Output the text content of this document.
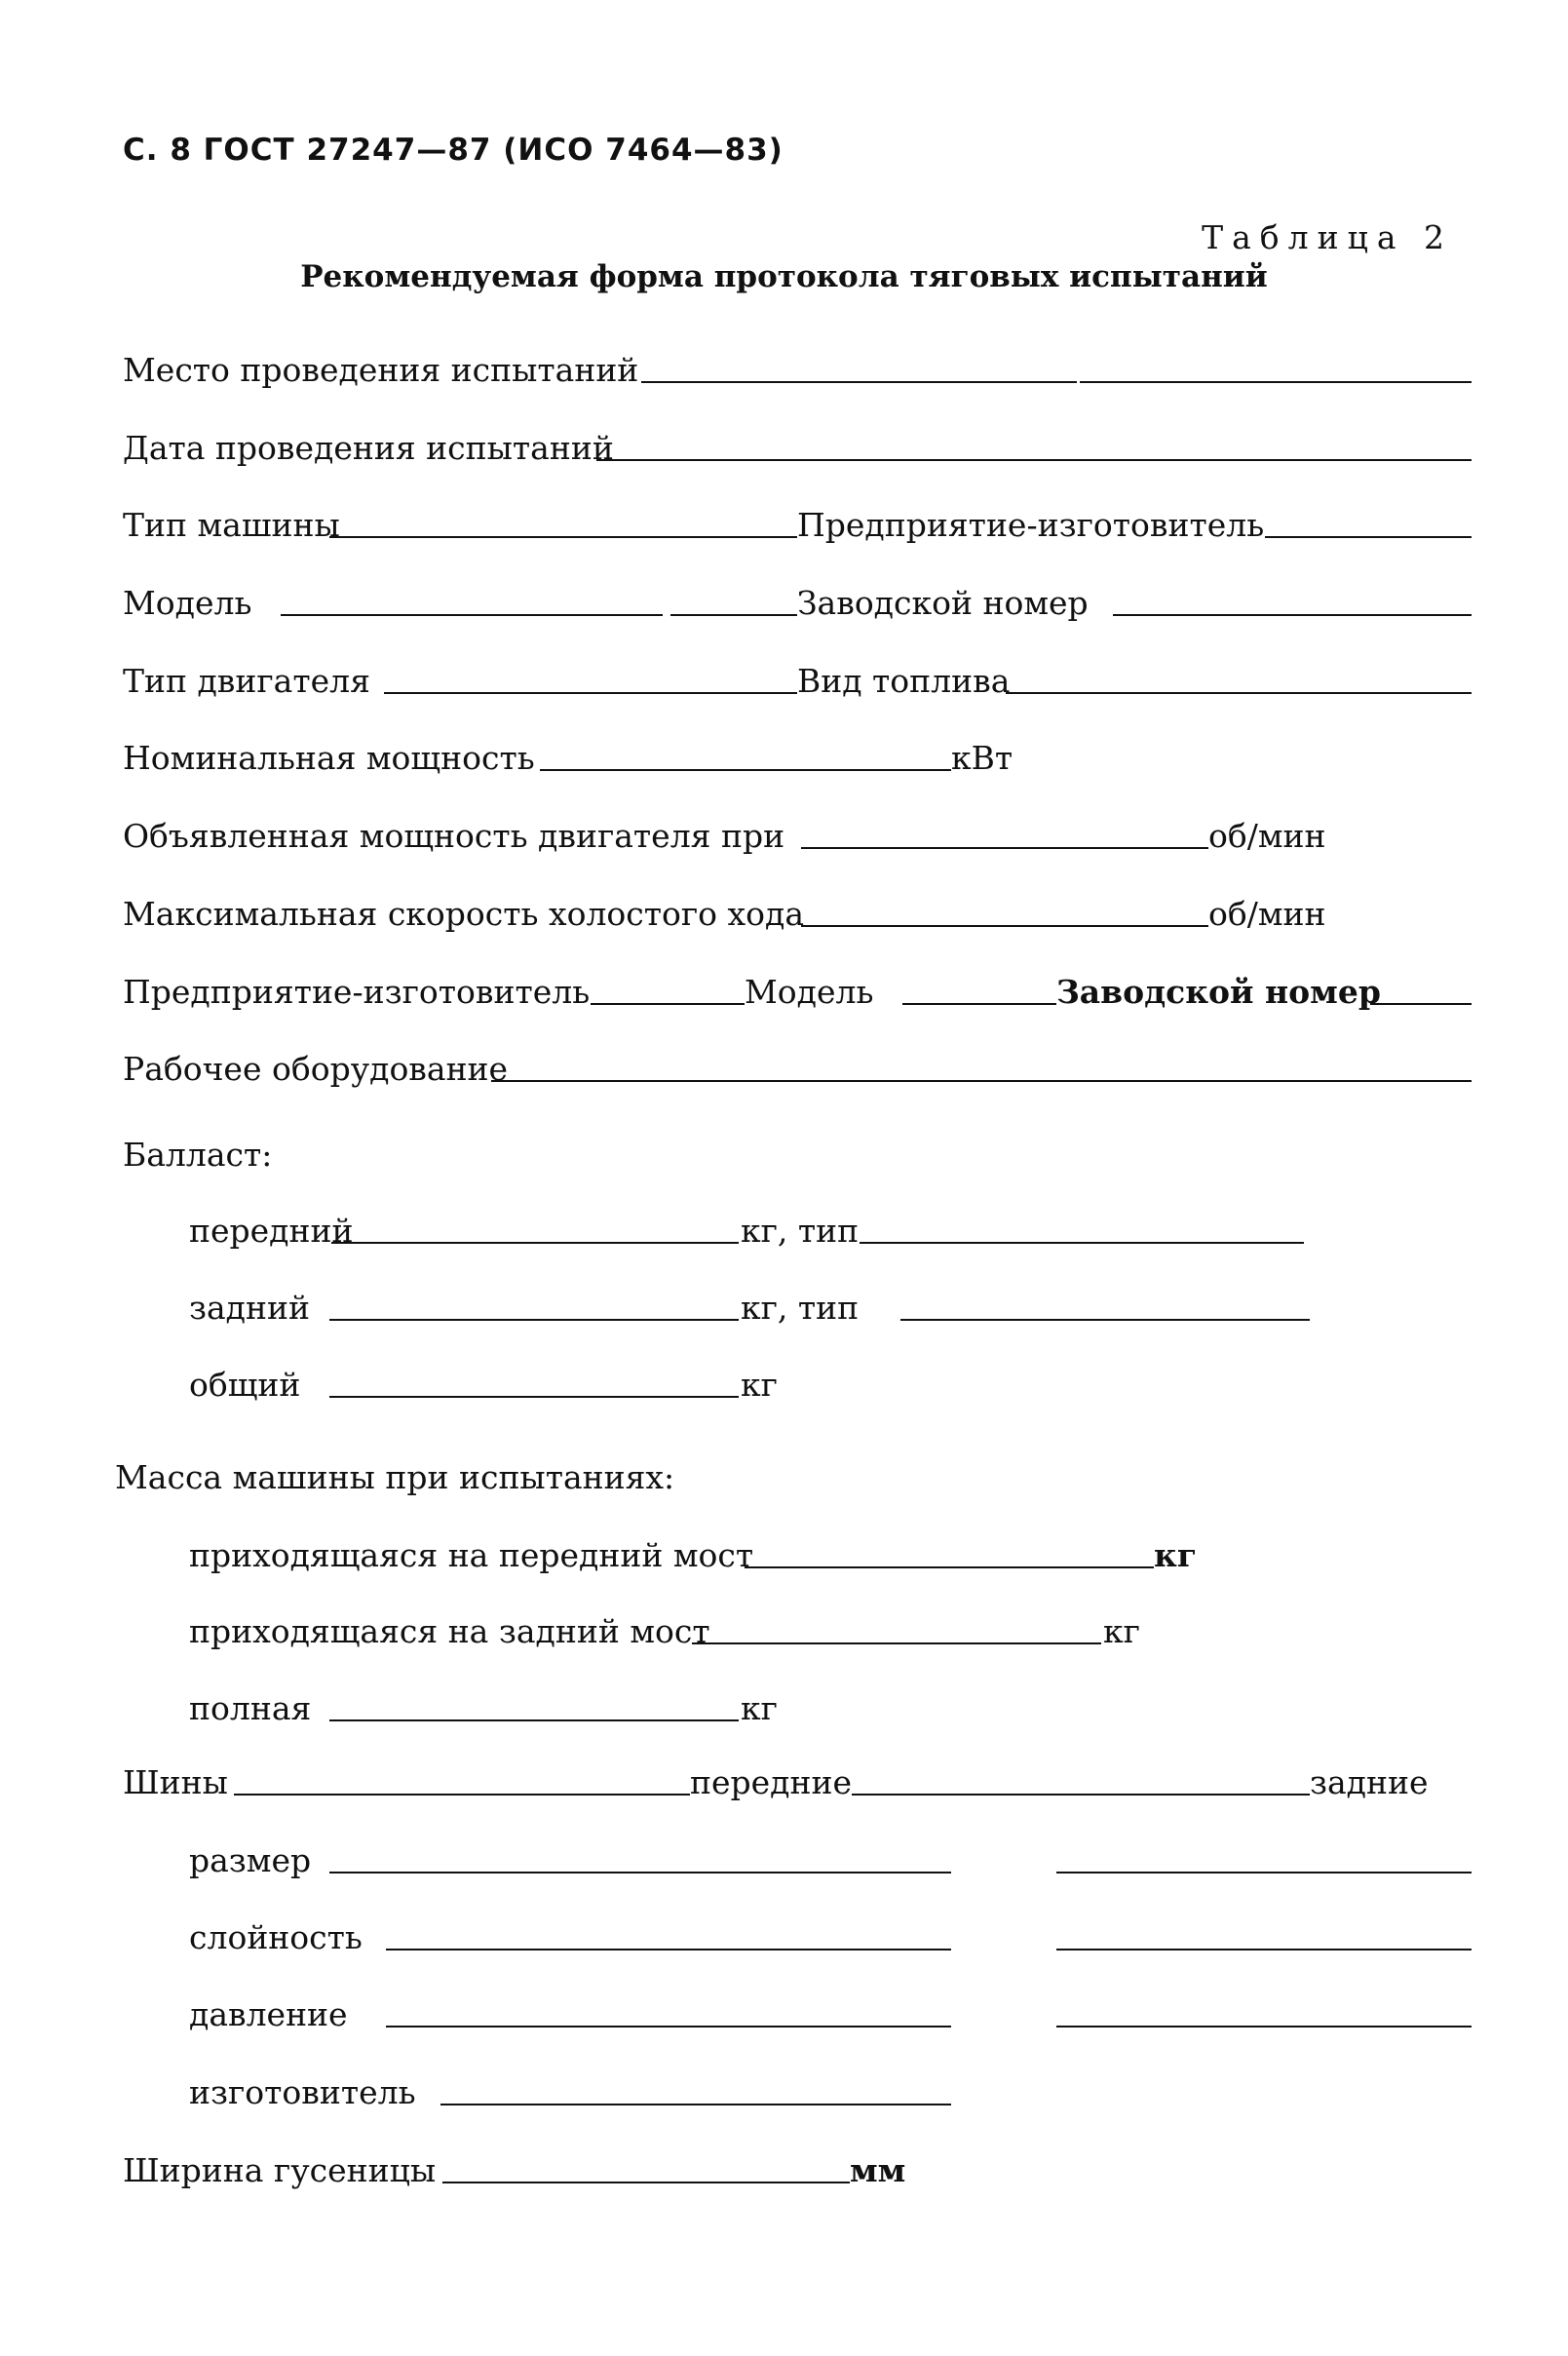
С. 8 ГОСТ 27247—87 (ИСО 7464—83)
Таблица 2
Рекомендуемая форма протокола тяговых испытаний
Место проведения испытаний
Дата проведения испытаний
Тип машины	Предприятие-изготовитель
Модель	Заводской номер
Тип двигателя	Вид топлива
Номинальная мощность	кВт
Объявленная мощность двигателя при	об/мин
Максимальная скорость холостого хода	об/мин
Предприятие-изготовитель	Модель	Заводской номер
Рабочее оборудование
Балласт:
передний	кг, тип
задний	кг, тип
общий	кг
Масса машины при испытаниях:
приходящаяся на передний мост	кг
приходящаяся на задний мост	кг
полная	кг
Шины	передние	задние
размер
слойность
давление
изготовитель
Ширина гусеницы	мм
